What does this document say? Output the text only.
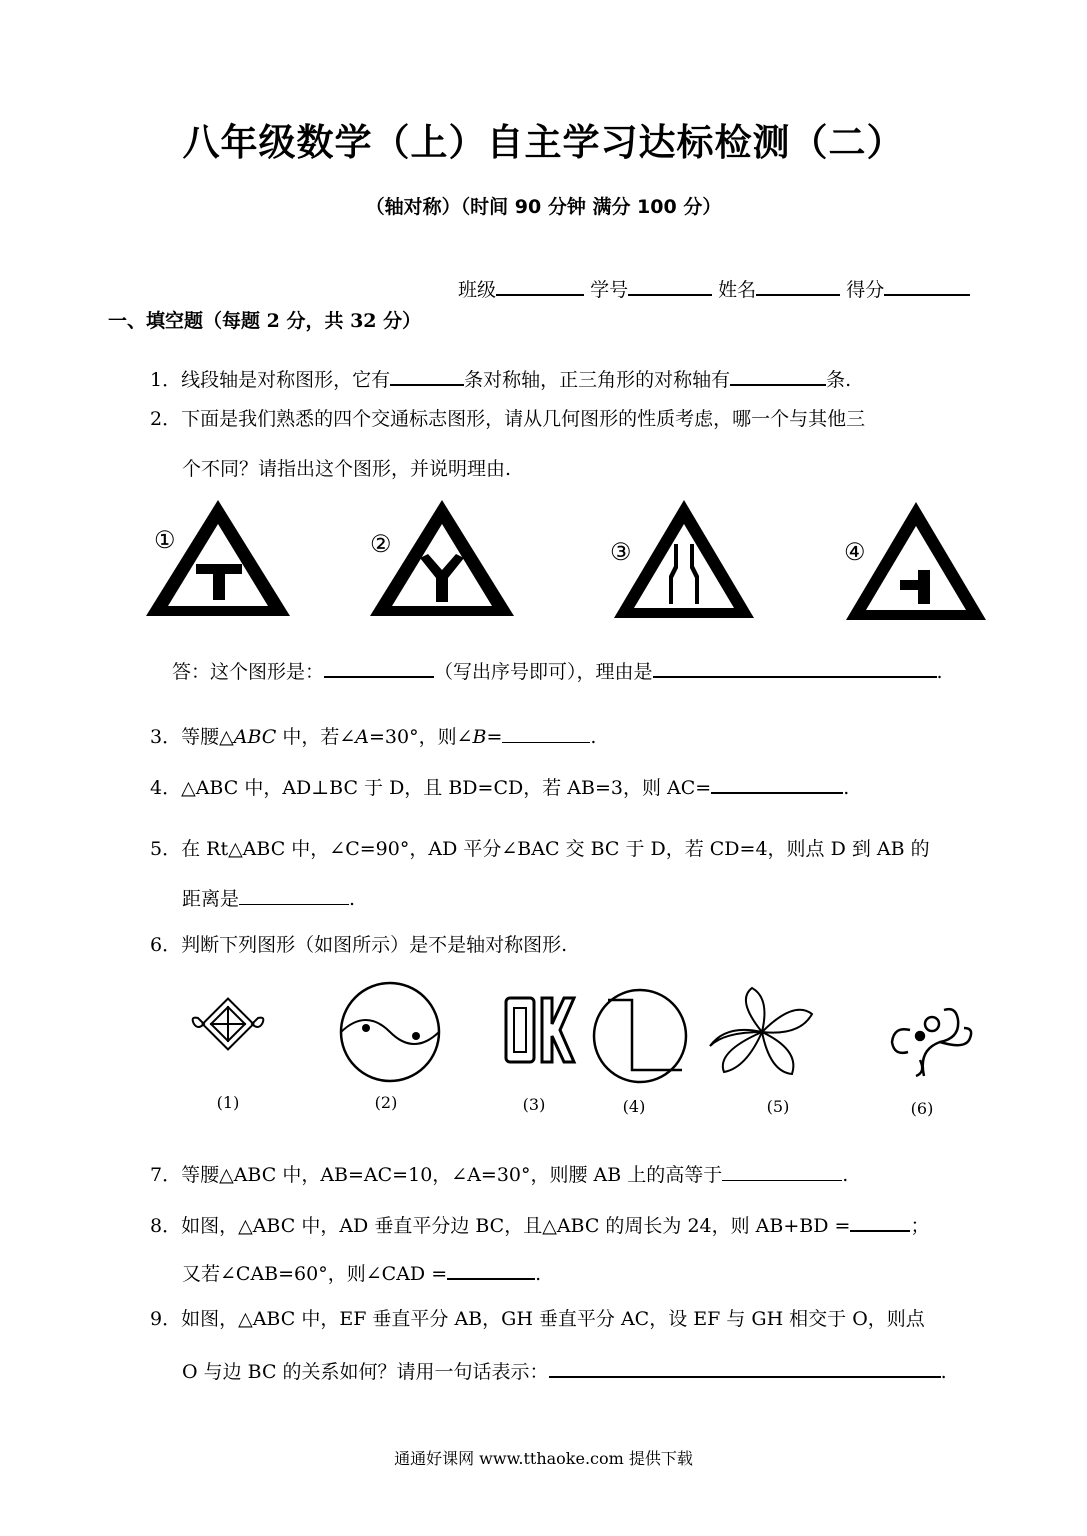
八年级数学（上）自主学习达标检测（二）
（轴对称）（时间 90 分钟 满分 100 分）
班级	学号	姓名	得分
一、填空题（每题 2 分，共 32 分）
1．线段轴是对称图形，它有	条对称轴，正三角形的对称轴有	条.
2．下面是我们熟悉的四个交通标志图形，请从几何图形的性质考虑，哪一个与其他三
个不同？请指出这个图形，并说明理由.
①	②	③	④
答：这个图形是：	（写出序号即可），理由是	.
3．等腰△ABC 中，若∠A=30°，则∠B=	.
4．△ABC 中，AD⊥BC 于 D，且 BD=CD，若 AB=3，则 AC=	.
5．在 Rt△ABC 中，∠C=90°，AD 平分∠BAC 交 BC 于 D，若 CD=4，则点 D 到 AB 的
距离是	.
6．判断下列图形（如图所示）是不是轴对称图形.
(1)	(2)	(3)	(4)	(5)	(6)
7．等腰△ABC 中，AB=AC=10，∠A=30°，则腰 AB 上的高等于	.
8．如图，△ABC 中，AD 垂直平分边 BC，且△ABC 的周长为 24，则 AB+BD =	；
又若∠CAB=60°，则∠CAD =	.
9．如图，△ABC 中，EF 垂直平分 AB，GH 垂直平分 AC，设 EF 与 GH 相交于 O，则点
O 与边 BC 的关系如何？请用一句话表示：	.
通通好课网 www.tthaoke.com 提供下载
